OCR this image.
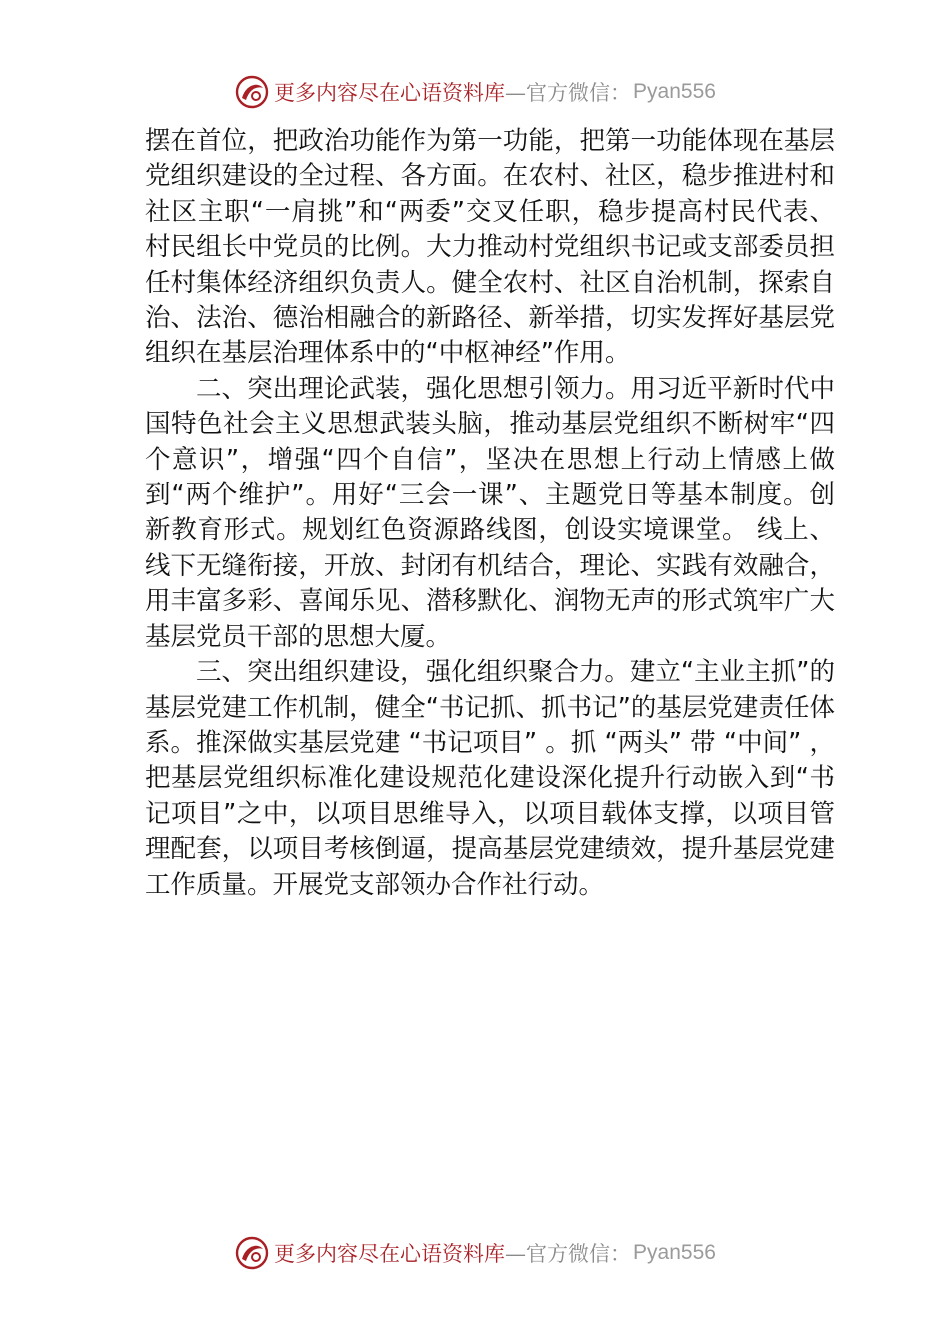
更多内容尽在心语资料库 —官方微信： Pyan556

摆在首位，把政治功能作为第一功能，把第一功能体现在基层党组织建设的全过程、各方面。在农村、社区，稳步推进村和社区主职“一肩挑”和“两委”交叉任职，稳步提高村民代表、村民组长中党员的比例。大力推动村党组织书记或支部委员担任村集体经济组织负责人。健全农村、社区自治机制，探索自治、法治、德治相融合的新路径、新举措，切实发挥好基层党组织在基层治理体系中的“中枢神经”作用。

二、突出理论武装，强化思想引领力。用习近平新时代中国特色社会主义思想武装头脑，推动基层党组织不断树牢“四个意识”，增强“四个自信”，坚决在思想上行动上情感上做到“两个维护”。用好“三会一课”、主题党日等基本制度。创新教育形式。规划红色资源路线图，创设实境课堂。 线上、线下无缝衔接，开放、封闭有机结合，理论、实践有效融合，用丰富多彩、喜闻乐见、潜移默化、润物无声的形式筑牢广大基层党员干部的思想大厦。

三、突出组织建设，强化组织聚合力。建立“主业主抓”的基层党建工作机制，健全“书记抓、抓书记”的基层党建责任体系。推深做实基层党建 “书记项目” 。抓 “两头” 带 “中间” ，把基层党组织标准化建设规范化建设深化提升行动嵌入到“书记项目”之中，以项目思维导入，以项目载体支撑，以项目管理配套，以项目考核倒逼，提高基层党建绩效，提升基层党建工作质量。开展党支部领办合作社行动。

更多内容尽在心语资料库 —官方微信： Pyan556
